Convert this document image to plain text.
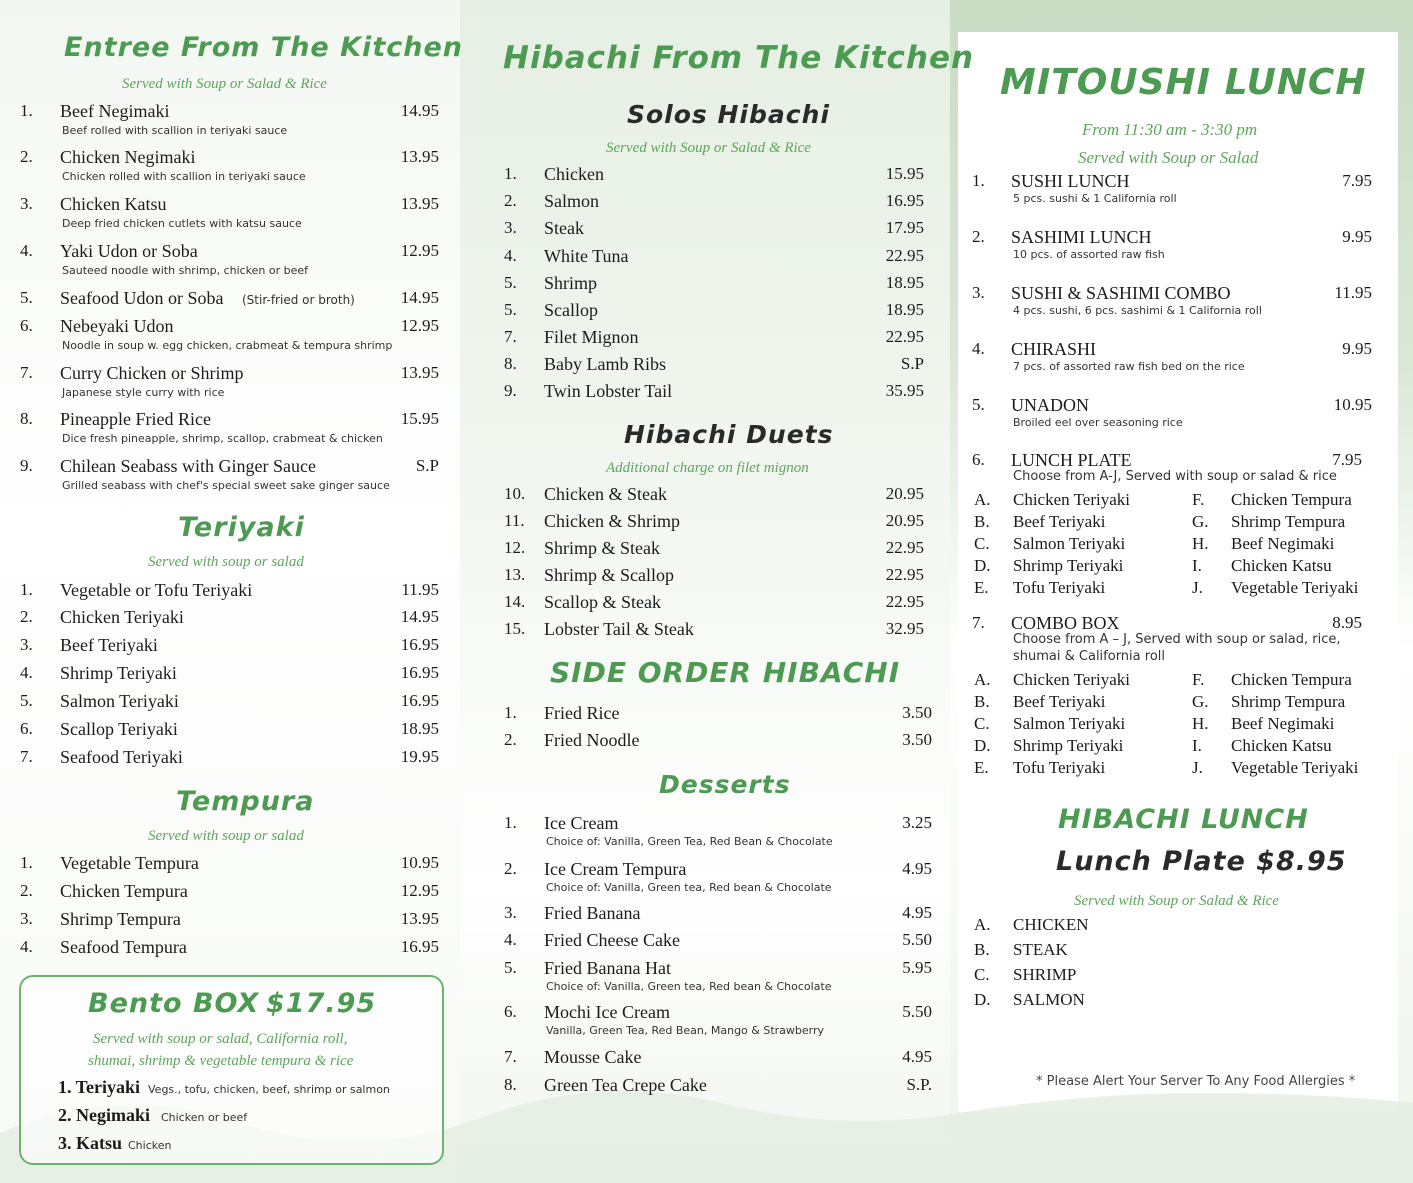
Entree From The Kitchen
Served with Soup or Salad & Rice
1. Beef Negimaki	14.95
Beef rolled with scallion in teriyaki sauce
2. Chicken Negimaki	13.95
Chicken rolled with scallion in teriyaki sauce
3. Chicken Katsu	13.95
Deep fried chicken cutlets with katsu sauce
4. Yaki Udon or Soba	12.95
Sauteed noodle with shrimp, chicken or beef
5. Seafood Udon or Soba (Stir-fried or broth)	14.95
6. Nebeyaki Udon	12.95
Noodle in soup w. egg chicken, crabmeat & tempura shrimp
7. Curry Chicken or Shrimp	13.95
Japanese style curry with rice
8. Pineapple Fried Rice	15.95
Dice fresh pineapple, shrimp, scallop, crabmeat & chicken
9. Chilean Seabass with Ginger Sauce	S.P
Grilled seabass with chef's special sweet sake ginger sauce
Teriyaki
Served with soup or salad
1. Vegetable or Tofu Teriyaki	11.95
2. Chicken Teriyaki	14.95
3. Beef Teriyaki	16.95
4. Shrimp Teriyaki	16.95
5. Salmon Teriyaki	16.95
6. Scallop Teriyaki	18.95
7. Seafood Teriyaki	19.95
Tempura
Served with soup or salad
1. Vegetable Tempura	10.95
2. Chicken Tempura	12.95
3. Shrimp Tempura	13.95
4. Seafood Tempura	16.95
Bento BOX $17.95
Served with soup or salad, California roll,
shumai, shrimp & vegetable tempura & rice
1. Teriyaki Vegs., tofu, chicken, beef, shrimp or salmon
2. Negimaki Chicken or beef
3. Katsu Chicken
Hibachi From The Kitchen
Solos Hibachi
Served with Soup or Salad & Rice
1. Chicken	15.95
2. Salmon	16.95
3. Steak	17.95
4. White Tuna	22.95
5. Shrimp	18.95
5. Scallop	18.95
7. Filet Mignon	22.95
8. Baby Lamb Ribs	S.P
9. Twin Lobster Tail	35.95
Hibachi Duets
Additional charge on filet mignon
10. Chicken & Steak	20.95
11. Chicken & Shrimp	20.95
12. Shrimp & Steak	22.95
13. Shrimp & Scallop	22.95
14. Scallop & Steak	22.95
15. Lobster Tail & Steak	32.95
SIDE ORDER HIBACHI
1. Fried Rice	3.50
2. Fried Noodle	3.50
Desserts
1. Ice Cream	3.25
Choice of: Vanilla, Green Tea, Red Bean & Chocolate
2. Ice Cream Tempura	4.95
Choice of: Vanilla, Green tea, Red bean & Chocolate
3. Fried Banana	4.95
4. Fried Cheese Cake	5.50
5. Fried Banana Hat	5.95
Choice of: Vanilla, Green tea, Red bean & Chocolate
6. Mochi Ice Cream	5.50
Vanilla, Green Tea, Red Bean, Mango & Strawberry
7. Mousse Cake	4.95
8. Green Tea Crepe Cake	S.P.
MITOUSHI LUNCH
From 11:30 am - 3:30 pm
Served with Soup or Salad
1. SUSHI LUNCH	7.95
5 pcs. sushi & 1 California roll
2. SASHIMI LUNCH	9.95
10 pcs. of assorted raw fish
3. SUSHI & SASHIMI COMBO	11.95
4 pcs. sushi, 6 pcs. sashimi & 1 California roll
4. CHIRASHI	9.95
7 pcs. of assorted raw fish bed on the rice
5. UNADON	10.95
Broiled eel over seasoning rice
6. LUNCH PLATE	7.95
Choose from A-J, Served with soup or salad & rice
A. Chicken Teriyaki	F. Chicken Tempura
B. Beef Teriyaki	G. Shrimp Tempura
C. Salmon Teriyaki	H. Beef Negimaki
D. Shrimp Teriyaki	I. Chicken Katsu
E. Tofu Teriyaki	J. Vegetable Teriyaki
7. COMBO BOX	8.95
Choose from A – J, Served with soup or salad, rice,
shumai & California roll
A. Chicken Teriyaki	F. Chicken Tempura
B. Beef Teriyaki	G. Shrimp Tempura
C. Salmon Teriyaki	H. Beef Negimaki
D. Shrimp Teriyaki	I. Chicken Katsu
E. Tofu Teriyaki	J. Vegetable Teriyaki
HIBACHI LUNCH
Lunch Plate $8.95
Served with Soup or Salad & Rice
A. CHICKEN
B. STEAK
C. SHRIMP
D. SALMON
* Please Alert Your Server To Any Food Allergies *
